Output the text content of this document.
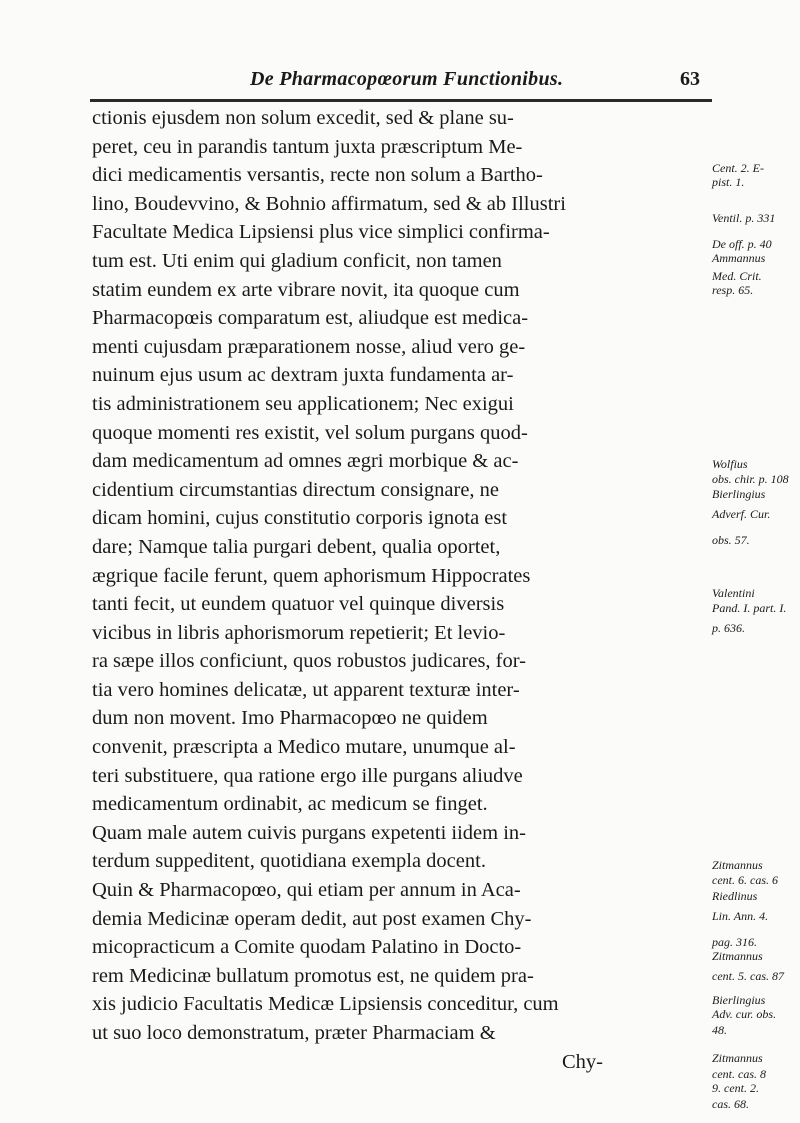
De Pharmacopœorum Functionibus.	63
ctionis ejusdem non solum excedit, sed & plane su-
peret, ceu in parandis tantum juxta præscriptum Me-
dici medicamentis versantis, recte non solum a Bartho-
lino, Boudevvino, & Bohnio affirmatum, sed & ab Illustri
Facultate Medica Lipsiensi plus vice simplici confirma-
tum est. Uti enim qui gladium conficit, non tamen
statim eundem ex arte vibrare novit, ita quoque cum
Pharmacopœis comparatum est, aliudque est medica-
menti cujusdam præparationem nosse, aliud vero ge-
nuinum ejus usum ac dextram juxta fundamenta ar-
tis administrationem seu applicationem; Nec exigui
quoque momenti res existit, vel solum purgans quod-
dam medicamentum ad omnes ægri morbique & ac-
cidentium circumstantias directum consignare, ne
dicam homini, cujus constitutio corporis ignota est
dare; Namque talia purgari debent, qualia oportet,
ægrique facile ferunt, quem aphorismum Hippocrates
tanti fecit, ut eundem quatuor vel quinque diversis
vicibus in libris aphorismorum repetierit; Et levio-
ra sæpe illos conficiunt, quos robustos judicares, for-
tia vero homines delicatæ, ut apparent texturæ inter-
dum non movent. Imo Pharmacopœo ne quidem
convenit, præscripta a Medico mutare, unumque al-
teri substituere, qua ratione ergo ille purgans aliudve
medicamentum ordinabit, ac medicum se finget.
Quam male autem cuivis purgans expetenti iidem in-
terdum suppeditent, quotidiana exempla docent.
Quin & Pharmacopœo, qui etiam per annum in Aca-
demia Medicinæ operam dedit, aut post examen Chy-
micopracticum a Comite quodam Palatino in Docto-
rem Medicinæ bullatum promotus est, ne quidem pra-
xis judicio Facultatis Medicæ Lipsiensis conceditur, cum
ut suo loco demonstratum, præter Pharmaciam &
Chy-
Cent. 2. E-
pist. 1.
Ventil. p. 331
De off. p. 40
Ammannus
Med. Crit.
resp. 65.
Wolfius
obs. chir. p. 108
Bierlingius
Adverf. Cur.
obs. 57.
Valentini
Pand. I. part. I.
p. 636.
Zitmannus
cent. 6. cas. 6
Riedlinus
Lin. Ann. 4.
pag. 316.
Zitmannus
cent. 5. cas. 87
Bierlingius
Adv. cur. obs.
48.
Zitmannus
cent. cas. 8
9. cent. 2.
cas. 68.
